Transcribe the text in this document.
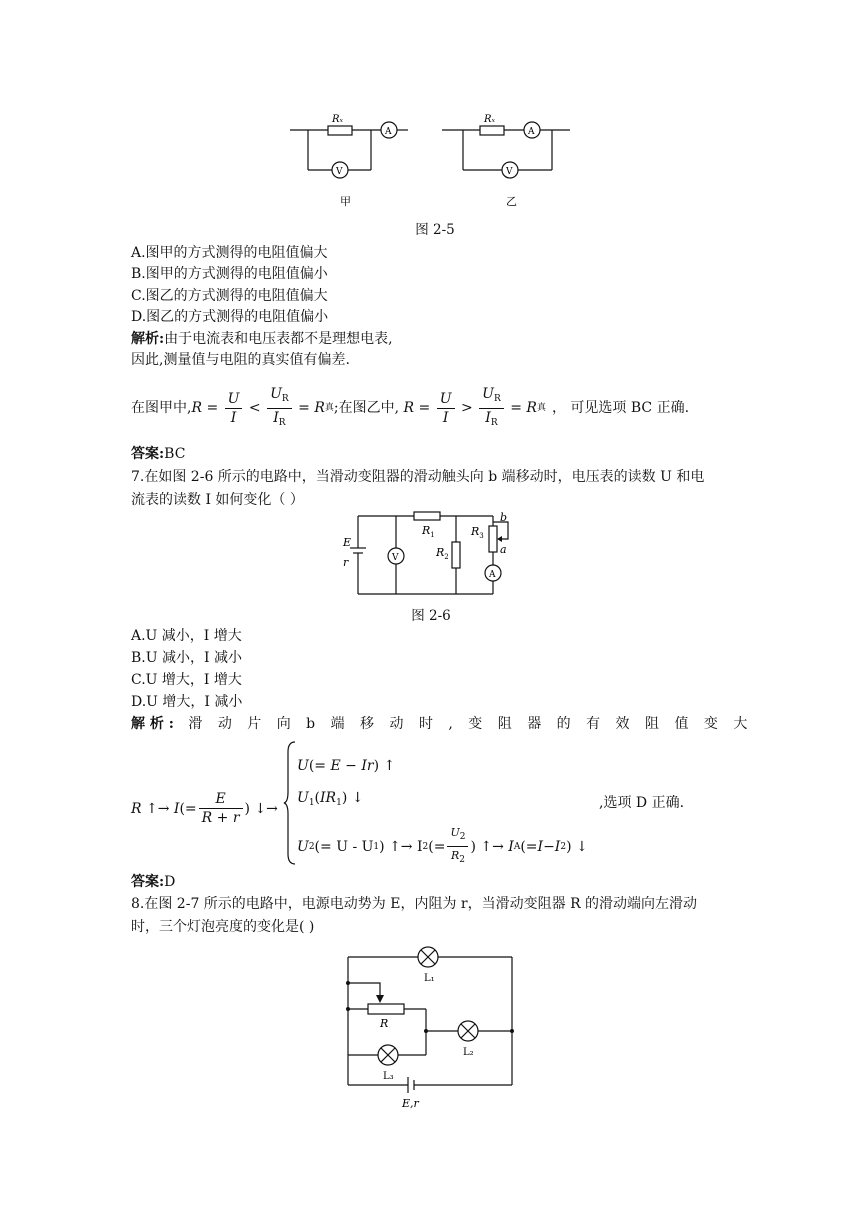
Rₓ
A
V
Rₓ
A
V
甲	乙
图 2-5
A.图甲的方式测得的电阻值偏大
B.图甲的方式测得的电阻值偏小
C.图乙的方式测得的电阻值偏大
D.图乙的方式测得的电阻值偏小
解析:由于电流表和电压表都不是理想电表,
因此,测量值与电阻的真实值有偏差.
在图甲中, $R = \frac{U}{I} < \frac{U_R}{I_R} = R$ 真 ;在图乙中,
$R = \frac{U}{I} > \frac{U_R}{I_R} = R$ 真 ， 可见选项 BC 正确.
答案:BC
7.在如图 2-6 所示的电路中，当滑动变阻器的滑动触头向 b 端移动时，电压表的读数 U 和电
流表的读数 I 如何变化（ ）
$R_1$
$R_2$
$R_3$
b
a
E
r	V
A
图 2-6
A.U 减小，I 增大
B.U 减小，I 减小
C.U 增大，I 增大
D.U 增大，I 减小
解 析 : 滑 动 片 向 b 端 移 动 时 , 变 阻 器 的 有 效 阻 值 变 大
R ↑→ I (= $\frac{E}{R + r}$ ) ↓→
U(= E − Ir) ↑
$U_1(IR_1)$ ↓
U 2 (= U - U 1 ) ↑→ I 2 (= $\frac{U_2}{R_2}$ ) ↑→ I A (= I − I 2 ) ↓
,选项 D 正确.
答案:D
8.在图 2-7 所示的电路中，电源电动势为 E，内阻为 r，当滑动变阻器 R 的滑动端向左滑动
时，三个灯泡亮度的变化是( )
L₁
R
L₂
L₃
E,r
